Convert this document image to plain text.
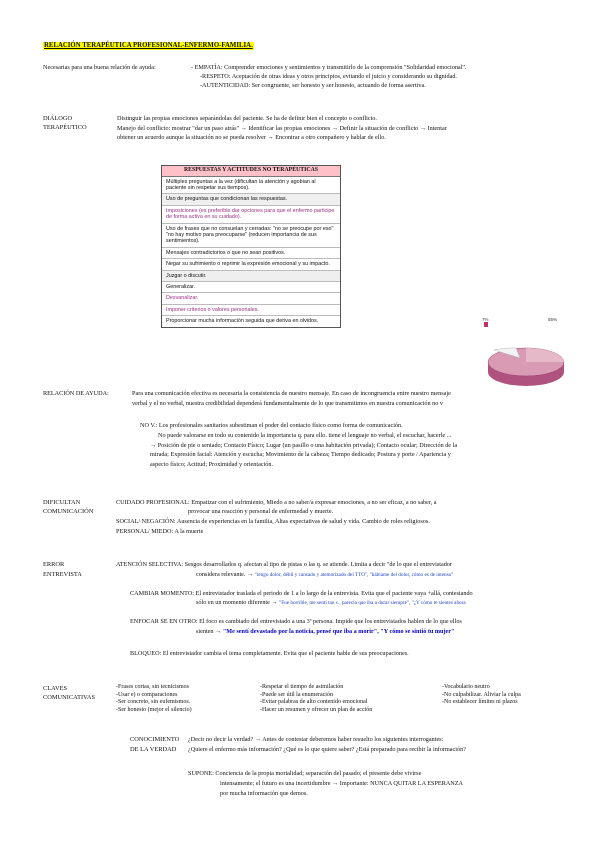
RELACIÓN TERAPÉUTICA PROFESIONAL-ENFERMO-FAMILIA.
Necesarias para una buena relación de ayuda:	- EMPATÍA: Comprender emociones y sentimientos y transmitirlo de la comprensión "Solidaridad emocional".
-RESPETO: Aceptación de otras ideas y otros principios, evitando el juicio y considerando su dignidad.
-AUTENTICIDAD: Ser congruente, ser honesto y ser honesto, actuando de forma asertiva.
DIÁLOGO
TERAPÉUTICO
Distinguir las propias emociones separándolas del paciente. Se ha de definir bien el concepto o conflicto.
Manejo del conflicto: mostrar "dar un paso atrás" → Identificar las propias emociones → Definir la situación de conflicto → Intentar
obtener un acuerdo aunque la situación no se pueda resolver → Encontrar a otro compañero y hablar de ello.
RESPUESTAS Y ACTITUDES NO TERAPÉUTICAS
Múltiples preguntas a la vez (dificultan la atención y agobian al paciente sin respetar sus tiempos).
Uso de preguntas que condicionan las respuestas.
Imposiciones (es preferible dar opciones para que el enfermo participe de forma activa en su cuidado).
Uso de frases que no consuelan y cerradas: "no se preocupe por eso" "no hay motivo para preocuparse" (reducen importancia de sus sentimientos).
Mensajes contradictorios o que no sean positivos.
Negar su sufrimiento o reprimir la expresión emocional y su impacto.
Juzgar o discutir.
Generalizar.
Desvanalizar.
Imponer criterios o valores personales.
Proporcionar mucha información seguida que deriva en olvidos.	7%	55%
RELACIÓN DE AYUDA:	Para una comunicación efectiva es necesaria la consistencia de nuestro mensaje. En caso de incongruencia entre nuestro mensaje
verbal y el no verbal, nuestra credibilidad dependerá fundamentalmente de lo que transmitimos en nuestra comunicación no v
NO V.: Los profesionales sanitarios subestiman el poder del contacto físico como forma de comunicación.
No puede valorarse en todo su contenido la importancia q. para ello. tiene el lenguaje no verbal, el escuchar, hacerle ...
→ Posición de pie o sentado; Contacto Físico; Lugar (un pasillo o una habitación privada); Contacto ocular; Dirección de la
mirada; Expresión facial: Atención y escucha; Movimiento de la cabeza; Tiempo dedicado; Postura y porte / Apariencia y
aspecto físico; Actitud; Proximidad y orientación.
DIFICULTAN
COMUNICACIÓN
CUIDADO PROFESIONAL: Empatizar con el sufrimiento, Miedo a no saber/a expresar emociones, a no ser eficaz, a no saber, a
provocar una reacción y personal de enfermedad y muerte.
SOCIAL/ NEGACIÓN: Ausencia de experiencias en la familia, Altas expectativas de salud y vida. Cambio de roles religiosos.
PERSONAL/ MIEDO: A la muerte
ERROR
ENTREVISTA
ATENCIÓN SELECTIVA: Sesgos desarrollados q. afectan al tipo de pistas o las q. se atiende. Limita a decir "de lo que el entrevistador
considera relevante. → "tengo dolor, débil y cansado y atemorizado del TTO", "háblame del dolor, cómo es de intenso"
CAMBIAR MOMENTO: El entrevistador traslada el periodo de 1 a lo largo de la entrevista. Evita que el paciente vaya +allá, contestando
sólo en un momento diferente → "Fue horrible, me sentí tan c., parecía que iba a durar siempre", "¿Y cómo te sientes ahora
ENFOCAR SE EN OTRO: El foco es cambiado del entrevistado a una 3ª persona. Impide que los entrevistados hablen de lo que ellos
sienten → "Me sentí devastado por la noticia, pensé que iba a morir", "Y cómo se sintió tu mujer"
BLOQUEO: El entrevistador cambia el tema completamente. Evita que el paciente hable de sus preocupaciones.
CLAVES
COMUNICATIVAS
-Frases cortas, sin tecnicismos
-Usar e) o comparaciones
-Ser concreto, sin eufemismos.
-Ser honesto (mejor el silencio)
-Respetar el tiempo de asimilación
-Puede ser útil la enumeración
-Evitar palabras de alto contenido emocional
-Hacer un resumen y ofrecer un plan de acción
-Vocabulario neutro
-No culpabilizar. Aliviar la culpa
-No establecer límites ni plazos
CONOCIMIENTO
DE LA VERDAD
¿Decir no decir la verdad? → Antes de contestar deberemos haber resuelto los siguientes interrogantes:
¿Quiere el enfermo más información? ¿Qué es lo que quiere saber? ¿Está preparado para recibir la información?
SUPONE: Conciencia de la propia mortalidad; separación del pasado; el presente debe vivirse
intensamente; el futuro es una incertidumbre → Importante: NUNCA QUITAR LA ESPERANZA
por mucha información que demos.
